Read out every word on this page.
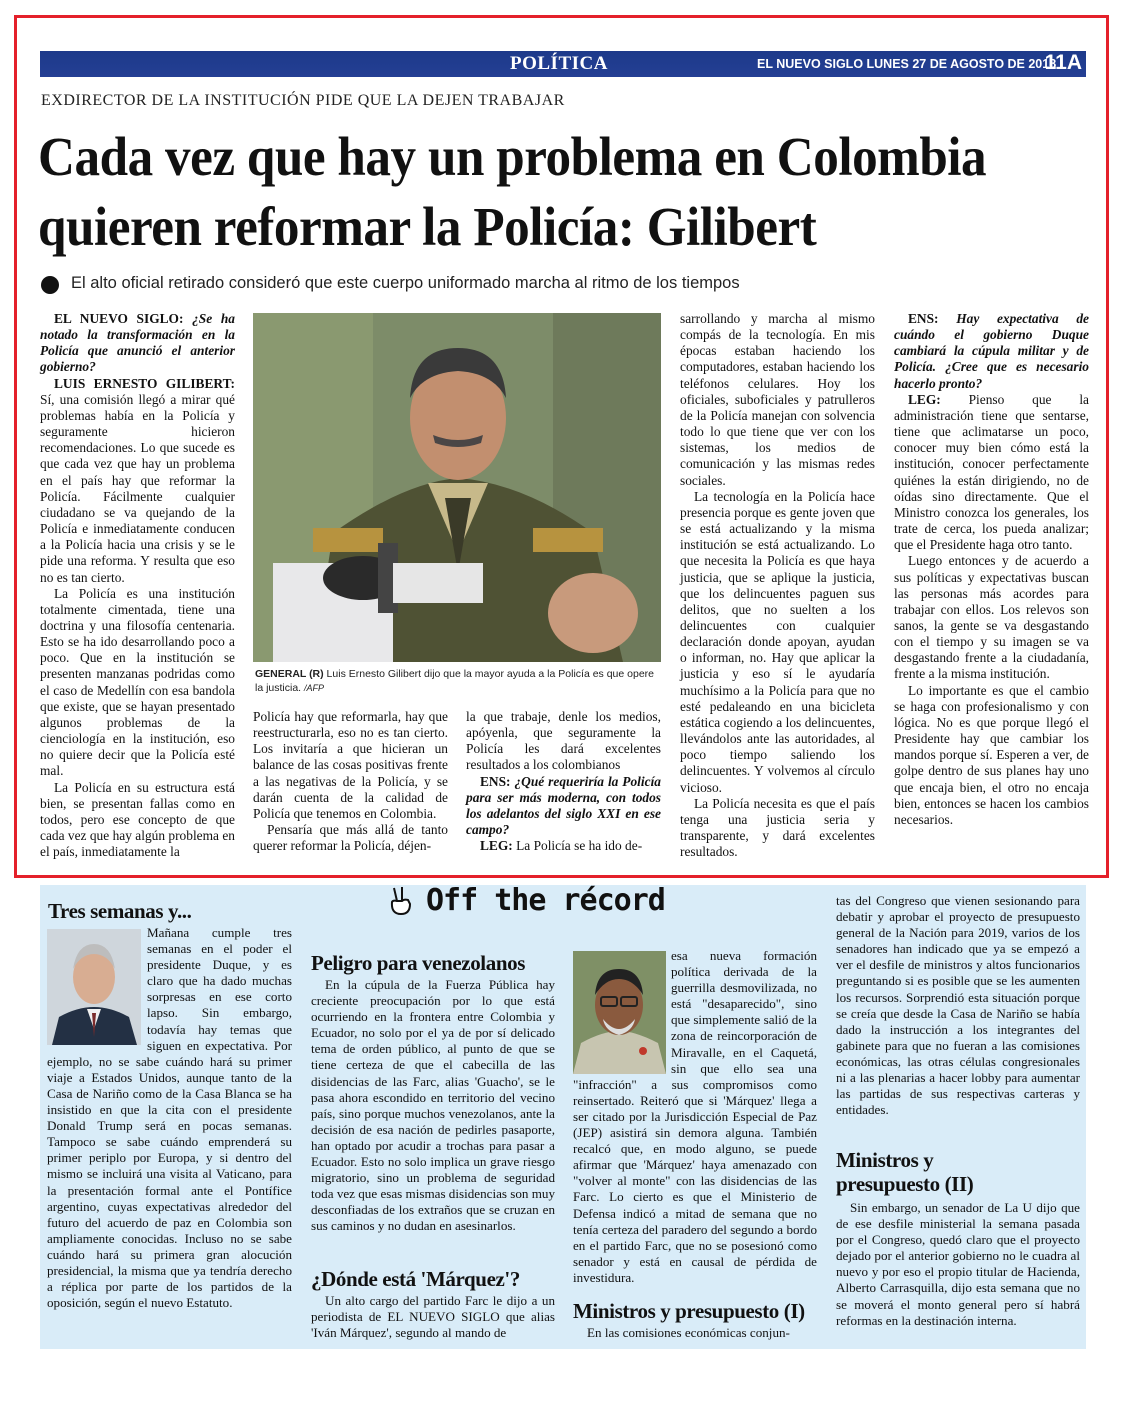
POLÍTICA	EL NUEVO SIGLO LUNES 27 DE AGOSTO DE 2018
11A
EXDIRECTOR DE LA INSTITUCIÓN PIDE QUE LA DEJEN TRABAJAR
Cada vez que hay un problema en Colombia
quieren reformar la Policía: Gilibert
El alto oficial retirado consideró que este cuerpo uniformado marcha al ritmo de los tiempos

EL NUEVO SIGLO: ¿Se ha notado la transformación en la Policía que anunció el anterior gobierno?

LUIS ERNESTO GILIBERT: Sí, una comisión llegó a mirar qué problemas había en la Policía y seguramente hicieron recomendaciones. Lo que sucede es que cada vez que hay un problema en el país hay que reformar la Policía. Fácilmente cualquier ciudadano se va quejando de la Policía e inmediatamente conducen a la Policía hacia una crisis y se le pide una reforma. Y resulta que eso no es tan cierto.

La Policía es una institución totalmente cimentada, tiene una doctrina y una filosofía centenaria. Esto se ha ido desarrollando poco a poco. Que en la institución se presenten manzanas podridas como el caso de Medellín con esa bandola que existe, que se hayan presentado algunos problemas de la cienciología en la institución, eso no quiere decir que la Policía esté mal.

La Policía en su estructura está bien, se presentan fallas como en todos, pero ese concepto de que cada vez que hay algún problema en el país, inmediatamente la

GENERAL (R) Luis Ernesto Gilibert dijo que la mayor ayuda a la Policía es que opere la justicia. /AFP

Policía hay que reformarla, hay que reestructurarla, eso no es tan cierto. Los invitaría a que hicieran un balance de las cosas positivas frente a las negativas de la Policía, y se darán cuenta de la calidad de Policía que tenemos en Colombia.

Pensaría que más allá de tanto querer reformar la Policía, déjen-

la que trabaje, denle los medios, apóyenla, que seguramente la Policía les dará excelentes resultados a los colombianos

ENS: ¿Qué requeriría la Policía para ser más moderna, con todos los adelantos del siglo XXI en ese campo?

LEG: La Policía se ha ido de-

sarrollando y marcha al mismo compás de la tecnología. En mis épocas estaban haciendo los computadores, estaban haciendo los teléfonos celulares. Hoy los oficiales, suboficiales y patrulleros de la Policía manejan con solvencia todo lo que tiene que ver con los sistemas, los medios de comunicación y las mismas redes sociales.

La tecnología en la Policía hace presencia porque es gente joven que se está actualizando y la misma institución se está actualizando. Lo que necesita la Policía es que haya justicia, que se aplique la justicia, que los delincuentes paguen sus delitos, que no suelten a los delincuentes con cualquier declaración donde apoyan, ayudan o informan, no. Hay que aplicar la justicia y eso sí le ayudaría muchísimo a la Policía para que no esté pedaleando en una bicicleta estática cogiendo a los delincuentes, llevándolos ante las autoridades, al poco tiempo saliendo los delincuentes. Y volvemos al círculo vicioso.

La Policía necesita es que el país tenga una justicia seria y transparente, y dará excelentes resultados.

ENS: Hay expectativa de cuándo el gobierno Duque cambiará la cúpula militar y de Policía. ¿Cree que es necesario hacerlo pronto?

LEG: Pienso que la administración tiene que sentarse, tiene que aclimatarse un poco, conocer muy bien cómo está la institución, conocer perfectamente quiénes la están dirigiendo, no de oídas sino directamente. Que el Ministro conozca los generales, los trate de cerca, los pueda analizar; que el Presidente haga otro tanto.

Luego entonces y de acuerdo a sus políticas y expectativas buscan las personas más acordes para trabajar con ellos. Los relevos son sanos, la gente se va desgastando con el tiempo y su imagen se va desgastando frente a la ciudadanía, frente a la misma institución.

Lo importante es que el cambio se haga con profesionalismo y con lógica. No es que porque llegó el Presidente hay que cambiar los mandos porque sí. Esperen a ver, de golpe dentro de sus planes hay uno que encaja bien, el otro no encaja bien, entonces se hacen los cambios necesarios.

Off the récord
Tres semanas y...

Mañana cumple tres semanas en el poder el presidente Duque, y es claro que ha dado muchas sorpresas en ese corto lapso. Sin embargo, todavía hay temas que siguen en expectativa. Por ejemplo, no se sabe cuándo hará su primer viaje a Estados Unidos, aunque tanto de la Casa de Nariño como de la Casa Blanca se ha insistido en que la cita con el presidente Donald Trump será en pocas semanas. Tampoco se sabe cuándo emprenderá su primer periplo por Europa, y si dentro del mismo se incluirá una visita al Vaticano, para la presentación formal ante el Pontífice argentino, cuyas expectativas alrededor del futuro del acuerdo de paz en Colombia son ampliamente conocidas. Incluso no se sabe cuándo hará su primera gran alocución presidencial, la misma que ya tendría derecho a réplica por parte de los partidos de la oposición, según el nuevo Estatuto.

Peligro para venezolanos

En la cúpula de la Fuerza Pública hay creciente preocupación por lo que está ocurriendo en la frontera entre Colombia y Ecuador, no solo por el ya de por sí delicado tema de orden público, al punto de que se tiene certeza de que el cabecilla de las disidencias de las Farc, alias 'Guacho', se le pasa ahora escondido en territorio del vecino país, sino porque muchos venezolanos, ante la decisión de esa nación de pedirles pasaporte, han optado por acudir a trochas para pasar a Ecuador. Esto no solo implica un grave riesgo migratorio, sino un problema de seguridad toda vez que esas mismas disidencias son muy desconfiadas de los extraños que se cruzan en sus caminos y no dudan en asesinarlos.

¿Dónde está 'Márquez'?

Un alto cargo del partido Farc le dijo a un periodista de EL NUEVO SIGLO que alias 'Iván Márquez', segundo al mando de

esa nueva formación política derivada de la guerrilla desmovilizada, no está "desaparecido", sino que simplemente salió de la zona de reincorporación de Miravalle, en el Caquetá, sin que ello sea una "infracción" a sus compromisos como reinsertado. Reiteró que si 'Márquez' llega a ser citado por la Jurisdicción Especial de Paz (JEP) asistirá sin demora alguna. También recalcó que, en modo alguno, se puede afirmar que 'Márquez' haya amenazado con "volver al monte" con las disidencias de las Farc. Lo cierto es que el Ministerio de Defensa indicó a mitad de semana que no tenía certeza del paradero del segundo a bordo en el partido Farc, que no se posesionó como senador y está en causal de pérdida de investidura.

Ministros y presupuesto (I)

En las comisiones económicas conjun-

tas del Congreso que vienen sesionando para debatir y aprobar el proyecto de presupuesto general de la Nación para 2019, varios de los senadores han indicado que ya se empezó a ver el desfile de ministros y altos funcionarios preguntando si es posible que se les aumenten los recursos. Sorprendió esta situación porque se creía que desde la Casa de Nariño se había dado la instrucción a los integrantes del gabinete para que no fueran a las comisiones económicas, las otras células congresionales ni a las plenarias a hacer lobby para aumentar las partidas de sus respectivas carteras y entidades.

Ministros y presupuesto (II)

Sin embargo, un senador de La U dijo que de ese desfile ministerial la semana pasada por el Congreso, quedó claro que el proyecto dejado por el anterior gobierno no le cuadra al nuevo y por eso el propio titular de Hacienda, Alberto Carrasquilla, dijo esta semana que no se moverá el monto general pero sí habrá reformas en la destinación interna.
